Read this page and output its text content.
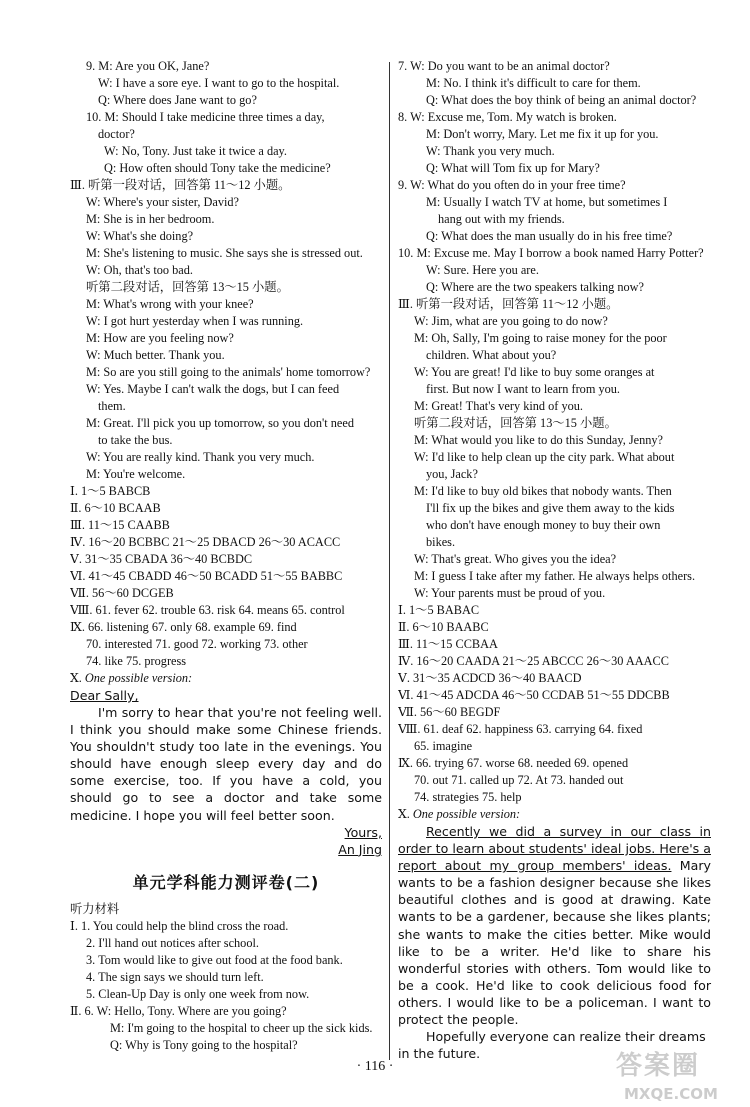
9. M: Are you OK, Jane?
W: I have a sore eye. I want to go to the hospital.
Q: Where does Jane want to go?
10. M: Should I take medicine three times a day,
doctor?
W: No, Tony. Just take it twice a day.
Q: How often should Tony take the medicine?
Ⅲ. 听第一段对话，回答第 11～12 小题。
W: Where's your sister, David?
M: She is in her bedroom.
W: What's she doing?
M: She's listening to music. She says she is stressed out.
W: Oh, that's too bad.
听第二段对话，回答第 13～15 小题。
M: What's wrong with your knee?
W: I got hurt yesterday when I was running.
M: How are you feeling now?
W: Much better. Thank you.
M: So are you still going to the animals' home tomorrow?
W: Yes. Maybe I can't walk the dogs, but I can feed
them.
M: Great. I'll pick you up tomorrow, so you don't need
to take the bus.
W: You are really kind. Thank you very much.
M: You're welcome.
Ⅰ. 1～5 BABCB
Ⅱ. 6～10 BCAAB
Ⅲ. 11～15 CAABB
Ⅳ. 16～20 BCBBC 21～25 DBACD 26～30 ACACC
Ⅴ. 31～35 CBADA 36～40 BCBDC
Ⅵ. 41～45 CBADD 46～50 BCADD 51～55 BABBC
Ⅶ. 56～60 DCGEB
Ⅷ. 61. fever 62. trouble 63. risk 64. means 65. control
Ⅸ. 66. listening 67. only 68. example 69. find
70. interested 71. good 72. working 73. other
74. like 75. progress
Ⅹ. One possible version:
Dear Sally,
I'm sorry to hear that you're not feeling well. I think you should make some Chinese friends. You shouldn't study too late in the evenings. You should have enough sleep every day and do some exercise, too. If you have a cold, you should go to see a doctor and take some medicine. I hope you will feel better soon.
Yours,
An Jing
单元学科能力测评卷(二)
听力材料
Ⅰ. 1. You could help the blind cross the road.
2. I'll hand out notices after school.
3. Tom would like to give out food at the food bank.
4. The sign says we should turn left.
5. Clean-Up Day is only one week from now.
Ⅱ. 6. W: Hello, Tony. Where are you going?
M: I'm going to the hospital to cheer up the sick kids.
Q: Why is Tony going to the hospital?
7. W: Do you want to be an animal doctor?
M: No. I think it's difficult to care for them.
Q: What does the boy think of being an animal doctor?
8. W: Excuse me, Tom. My watch is broken.
M: Don't worry, Mary. Let me fix it up for you.
W: Thank you very much.
Q: What will Tom fix up for Mary?
9. W: What do you often do in your free time?
M: Usually I watch TV at home, but sometimes I
hang out with my friends.
Q: What does the man usually do in his free time?
10. M: Excuse me. May I borrow a book named Harry Potter?
W: Sure. Here you are.
Q: Where are the two speakers talking now?
Ⅲ. 听第一段对话，回答第 11～12 小题。
W: Jim, what are you going to do now?
M: Oh, Sally, I'm going to raise money for the poor
children. What about you?
W: You are great! I'd like to buy some oranges at
first. But now I want to learn from you.
M: Great! That's very kind of you.
听第二段对话，回答第 13～15 小题。
M: What would you like to do this Sunday, Jenny?
W: I'd like to help clean up the city park. What about
you, Jack?
M: I'd like to buy old bikes that nobody wants. Then
I'll fix up the bikes and give them away to the kids
who don't have enough money to buy their own
bikes.
W: That's great. Who gives you the idea?
M: I guess I take after my father. He always helps others.
W: Your parents must be proud of you.
Ⅰ. 1～5 BABAC
Ⅱ. 6～10 BAABC
Ⅲ. 11～15 CCBAA
Ⅳ. 16～20 CAADA 21～25 ABCCC 26～30 AAACC
Ⅴ. 31～35 ACDCD 36～40 BAACD
Ⅵ. 41～45 ADCDA 46～50 CCDAB 51～55 DDCBB
Ⅶ. 56～60 BEGDF
Ⅷ. 61. deaf 62. happiness 63. carrying 64. fixed
65. imagine
Ⅸ. 66. trying 67. worse 68. needed 69. opened
70. out 71. called up 72. At 73. handed out
74. strategies 75. help
Ⅹ. One possible version:
Recently we did a survey in our class in order to learn about students' ideal jobs. Here's a report about my group members' ideas. Mary wants to be a fashion designer because she likes beautiful clothes and is good at drawing. Kate wants to be a gardener, because she likes plants; she wants to make the cities better. Mike would like to be a writer. He'd like to share his wonderful stories with others. Tom would like to be a cook. He'd like to cook delicious food for others. I would like to be a policeman. I want to protect the people.
Hopefully everyone can realize their dreams in the future.
· 116 ·	答案圈
MXQE.COM
